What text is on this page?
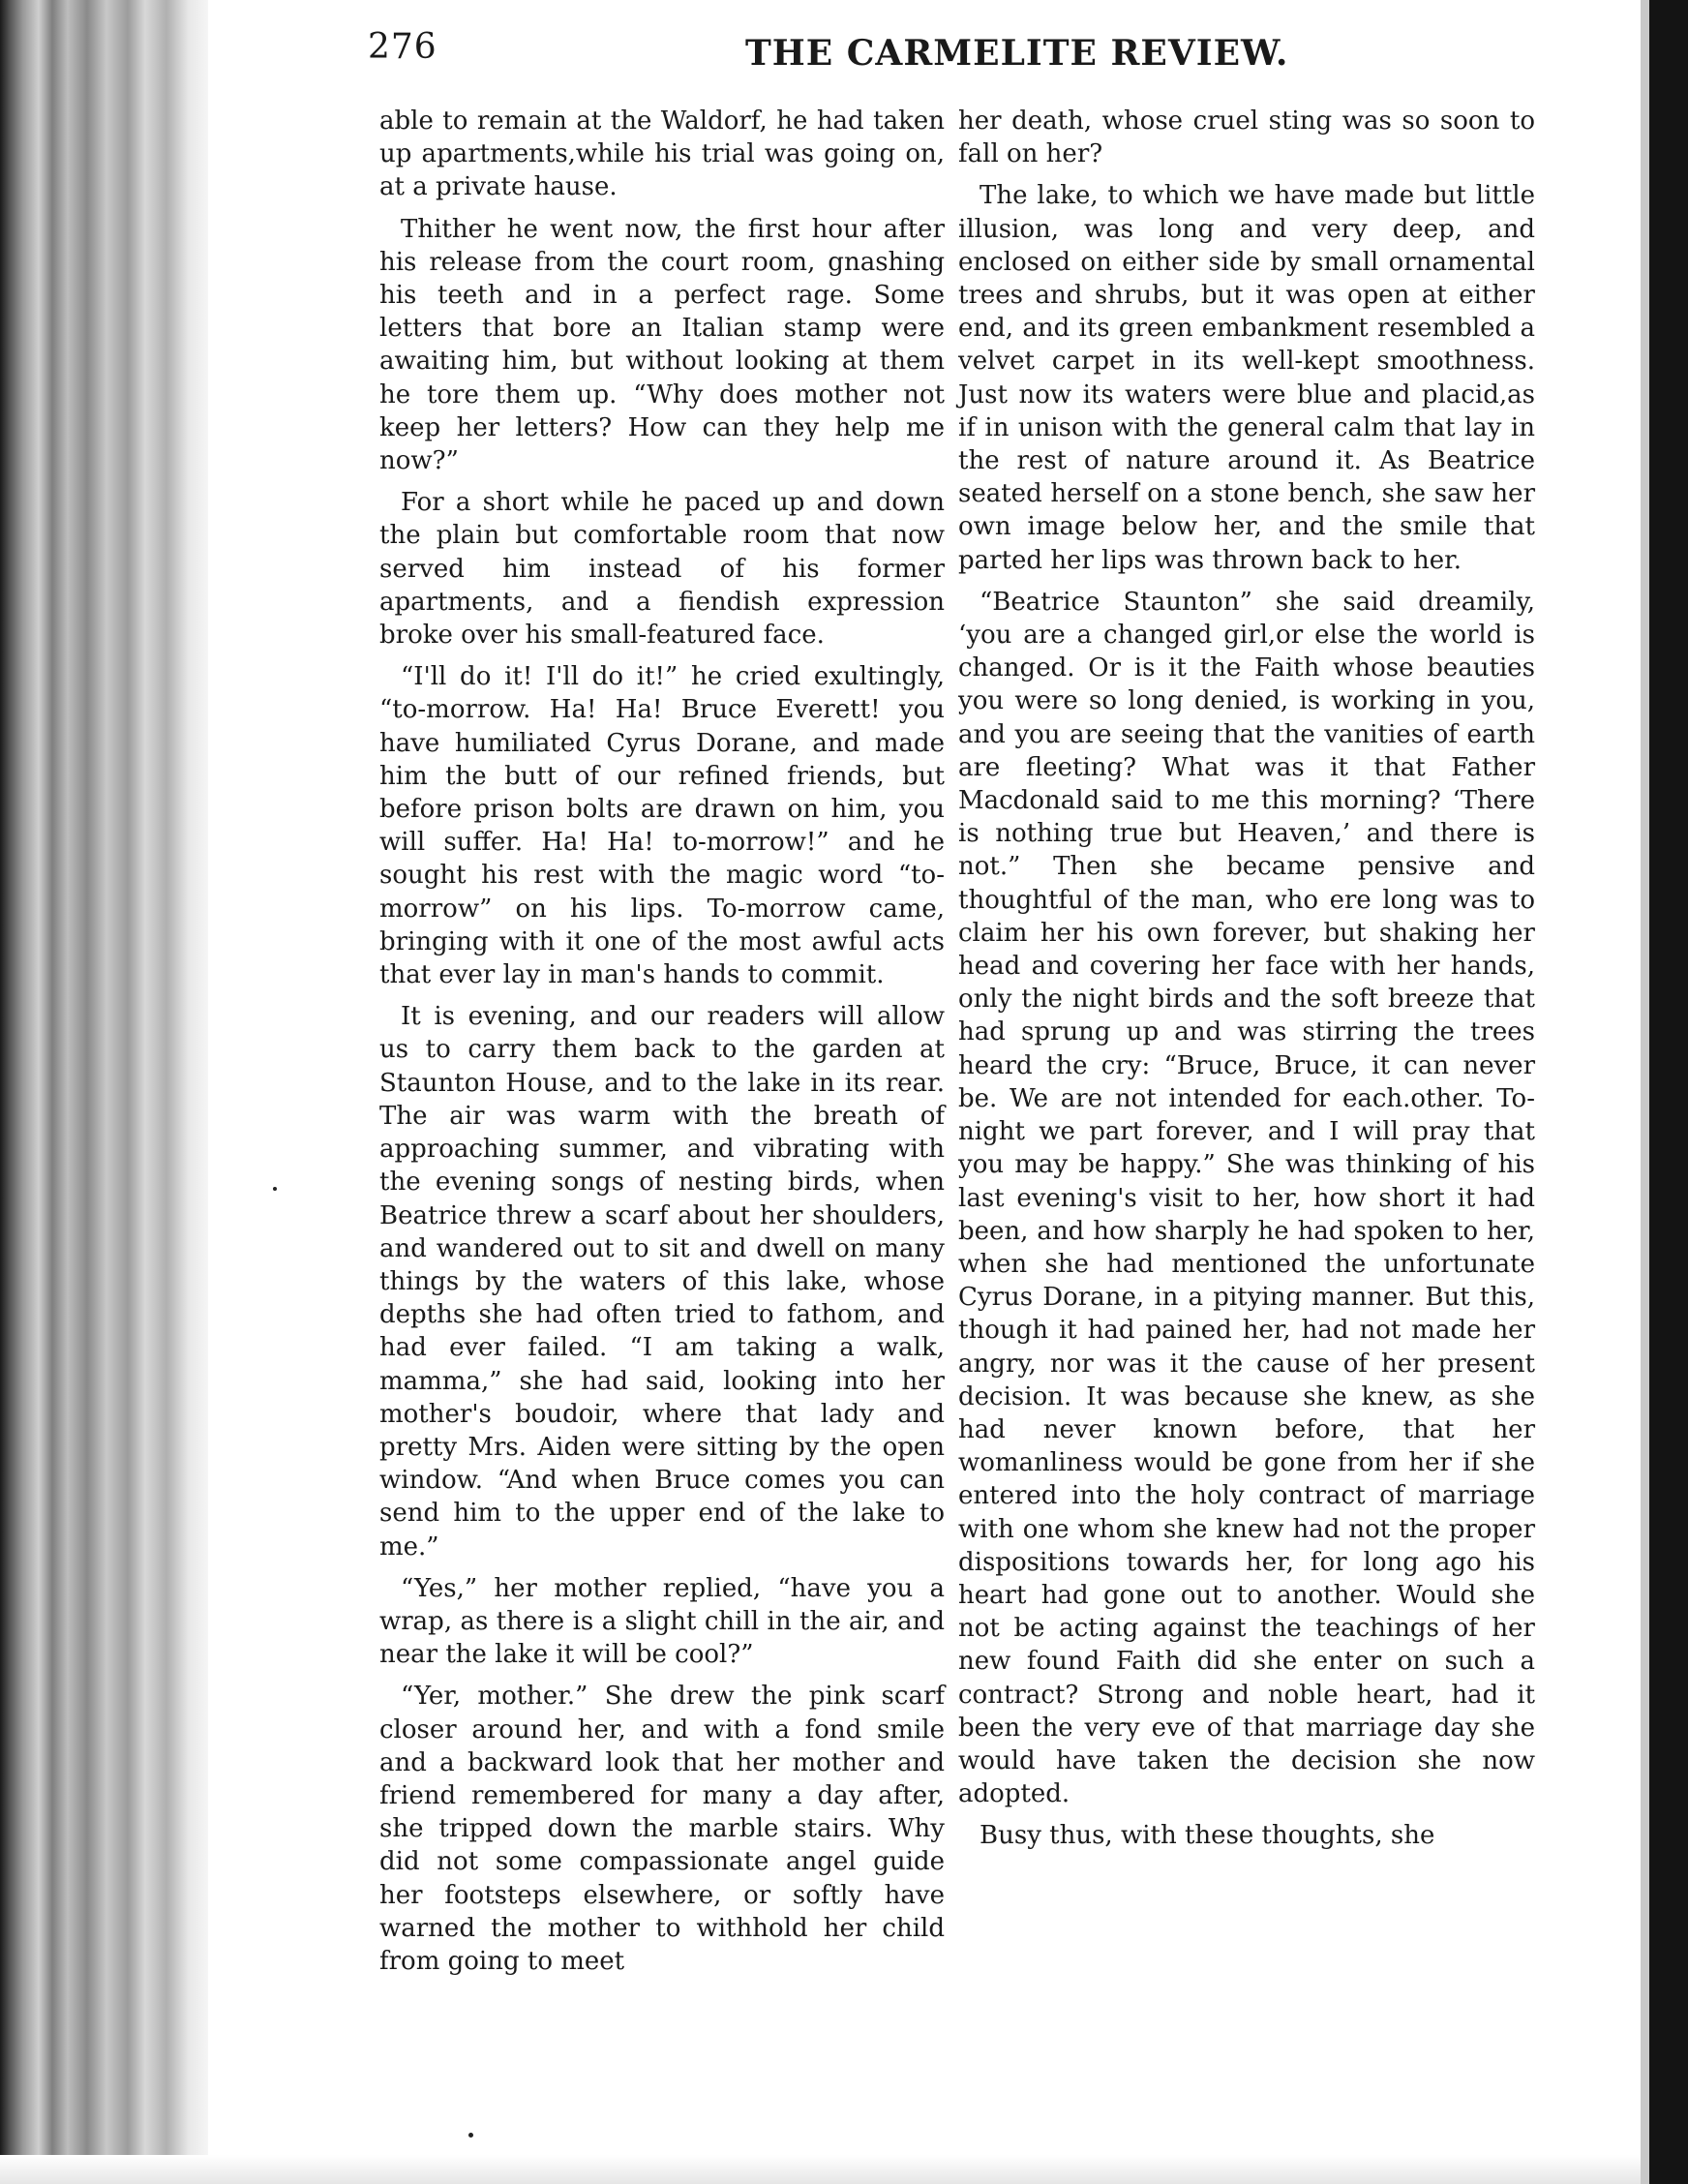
276	THE CARMELITE REVIEW.

able to remain at the Waldorf, he had taken up apartments,while his trial was going on, at a private hause.

Thither he went now, the first hour after his release from the court room, gnashing his teeth and in a perfect rage. Some letters that bore an Italian stamp were awaiting him, but without looking at them he tore them up. “Why does mother not keep her letters? How can they help me now?”

For a short while he paced up and down the plain but comfortable room that now served him instead of his former apartments, and a fiendish expression broke over his small-featured face.

“I'll do it! I'll do it!” he cried exultingly, “to-morrow. Ha! Ha! Bruce Everett! you have humiliated Cyrus Dorane, and made him the butt of our refined friends, but before prison bolts are drawn on him, you will suffer. Ha! Ha! to-morrow!” and he sought his rest with the magic word “to-morrow” on his lips. To-morrow came, bringing with it one of the most awful acts that ever lay in man's hands to commit.

It is evening, and our readers will allow us to carry them back to the garden at Staunton House, and to the lake in its rear. The air was warm with the breath of approaching summer, and vibrating with the evening songs of nesting birds, when Beatrice threw a scarf about her shoulders, and wandered out to sit and dwell on many things by the waters of this lake, whose depths she had often tried to fathom, and had ever failed. “I am taking a walk, mamma,” she had said, looking into her mother's boudoir, where that lady and pretty Mrs. Aiden were sitting by the open window. “And when Bruce comes you can send him to the upper end of the lake to me.”

“Yes,” her mother replied, “have you a wrap, as there is a slight chill in the air, and near the lake it will be cool?”

“Yer, mother.” She drew the pink scarf closer around her, and with a fond smile and a backward look that her mother and friend remembered for many a day after, she tripped down the marble stairs. Why did not some compassionate angel guide her footsteps elsewhere, or softly have warned the mother to withhold her child from going to meet

her death, whose cruel sting was so soon to fall on her?

The lake, to which we have made but little illusion, was long and very deep, and enclosed on either side by small ornamental trees and shrubs, but it was open at either end, and its green embankment resembled a velvet carpet in its well-kept smoothness. Just now its waters were blue and placid,as if in unison with the general calm that lay in the rest of nature around it. As Beatrice seated herself on a stone bench, she saw her own image below her, and the smile that parted her lips was thrown back to her.

“Beatrice Staunton” she said dreamily, ‘you are a changed girl,or else the world is changed. Or is it the Faith whose beauties you were so long denied, is working in you, and you are seeing that the vanities of earth are fleeting? What was it that Father Macdonald said to me this morning? ‘There is nothing true but Heaven,’ and there is not.” Then she became pensive and thoughtful of the man, who ere long was to claim her his own forever, but shaking her head and covering her face with her hands, only the night birds and the soft breeze that had sprung up and was stirring the trees heard the cry: “Bruce, Bruce, it can never be. We are not intended for each.other. To-night we part forever, and I will pray that you may be happy.” She was thinking of his last evening's visit to her, how short it had been, and how sharply he had spoken to her, when she had mentioned the unfortunate Cyrus Dorane, in a pitying manner. But this, though it had pained her, had not made her angry, nor was it the cause of her present decision. It was because she knew, as she had never known before, that her womanliness would be gone from her if she entered into the holy contract of marriage with one whom she knew had not the proper dispositions towards her, for long ago his heart had gone out to another. Would she not be acting against the teachings of her new found Faith did she enter on such a contract? Strong and noble heart, had it been the very eve of that marriage day she would have taken the decision she now adopted.

Busy thus, with these thoughts, she
